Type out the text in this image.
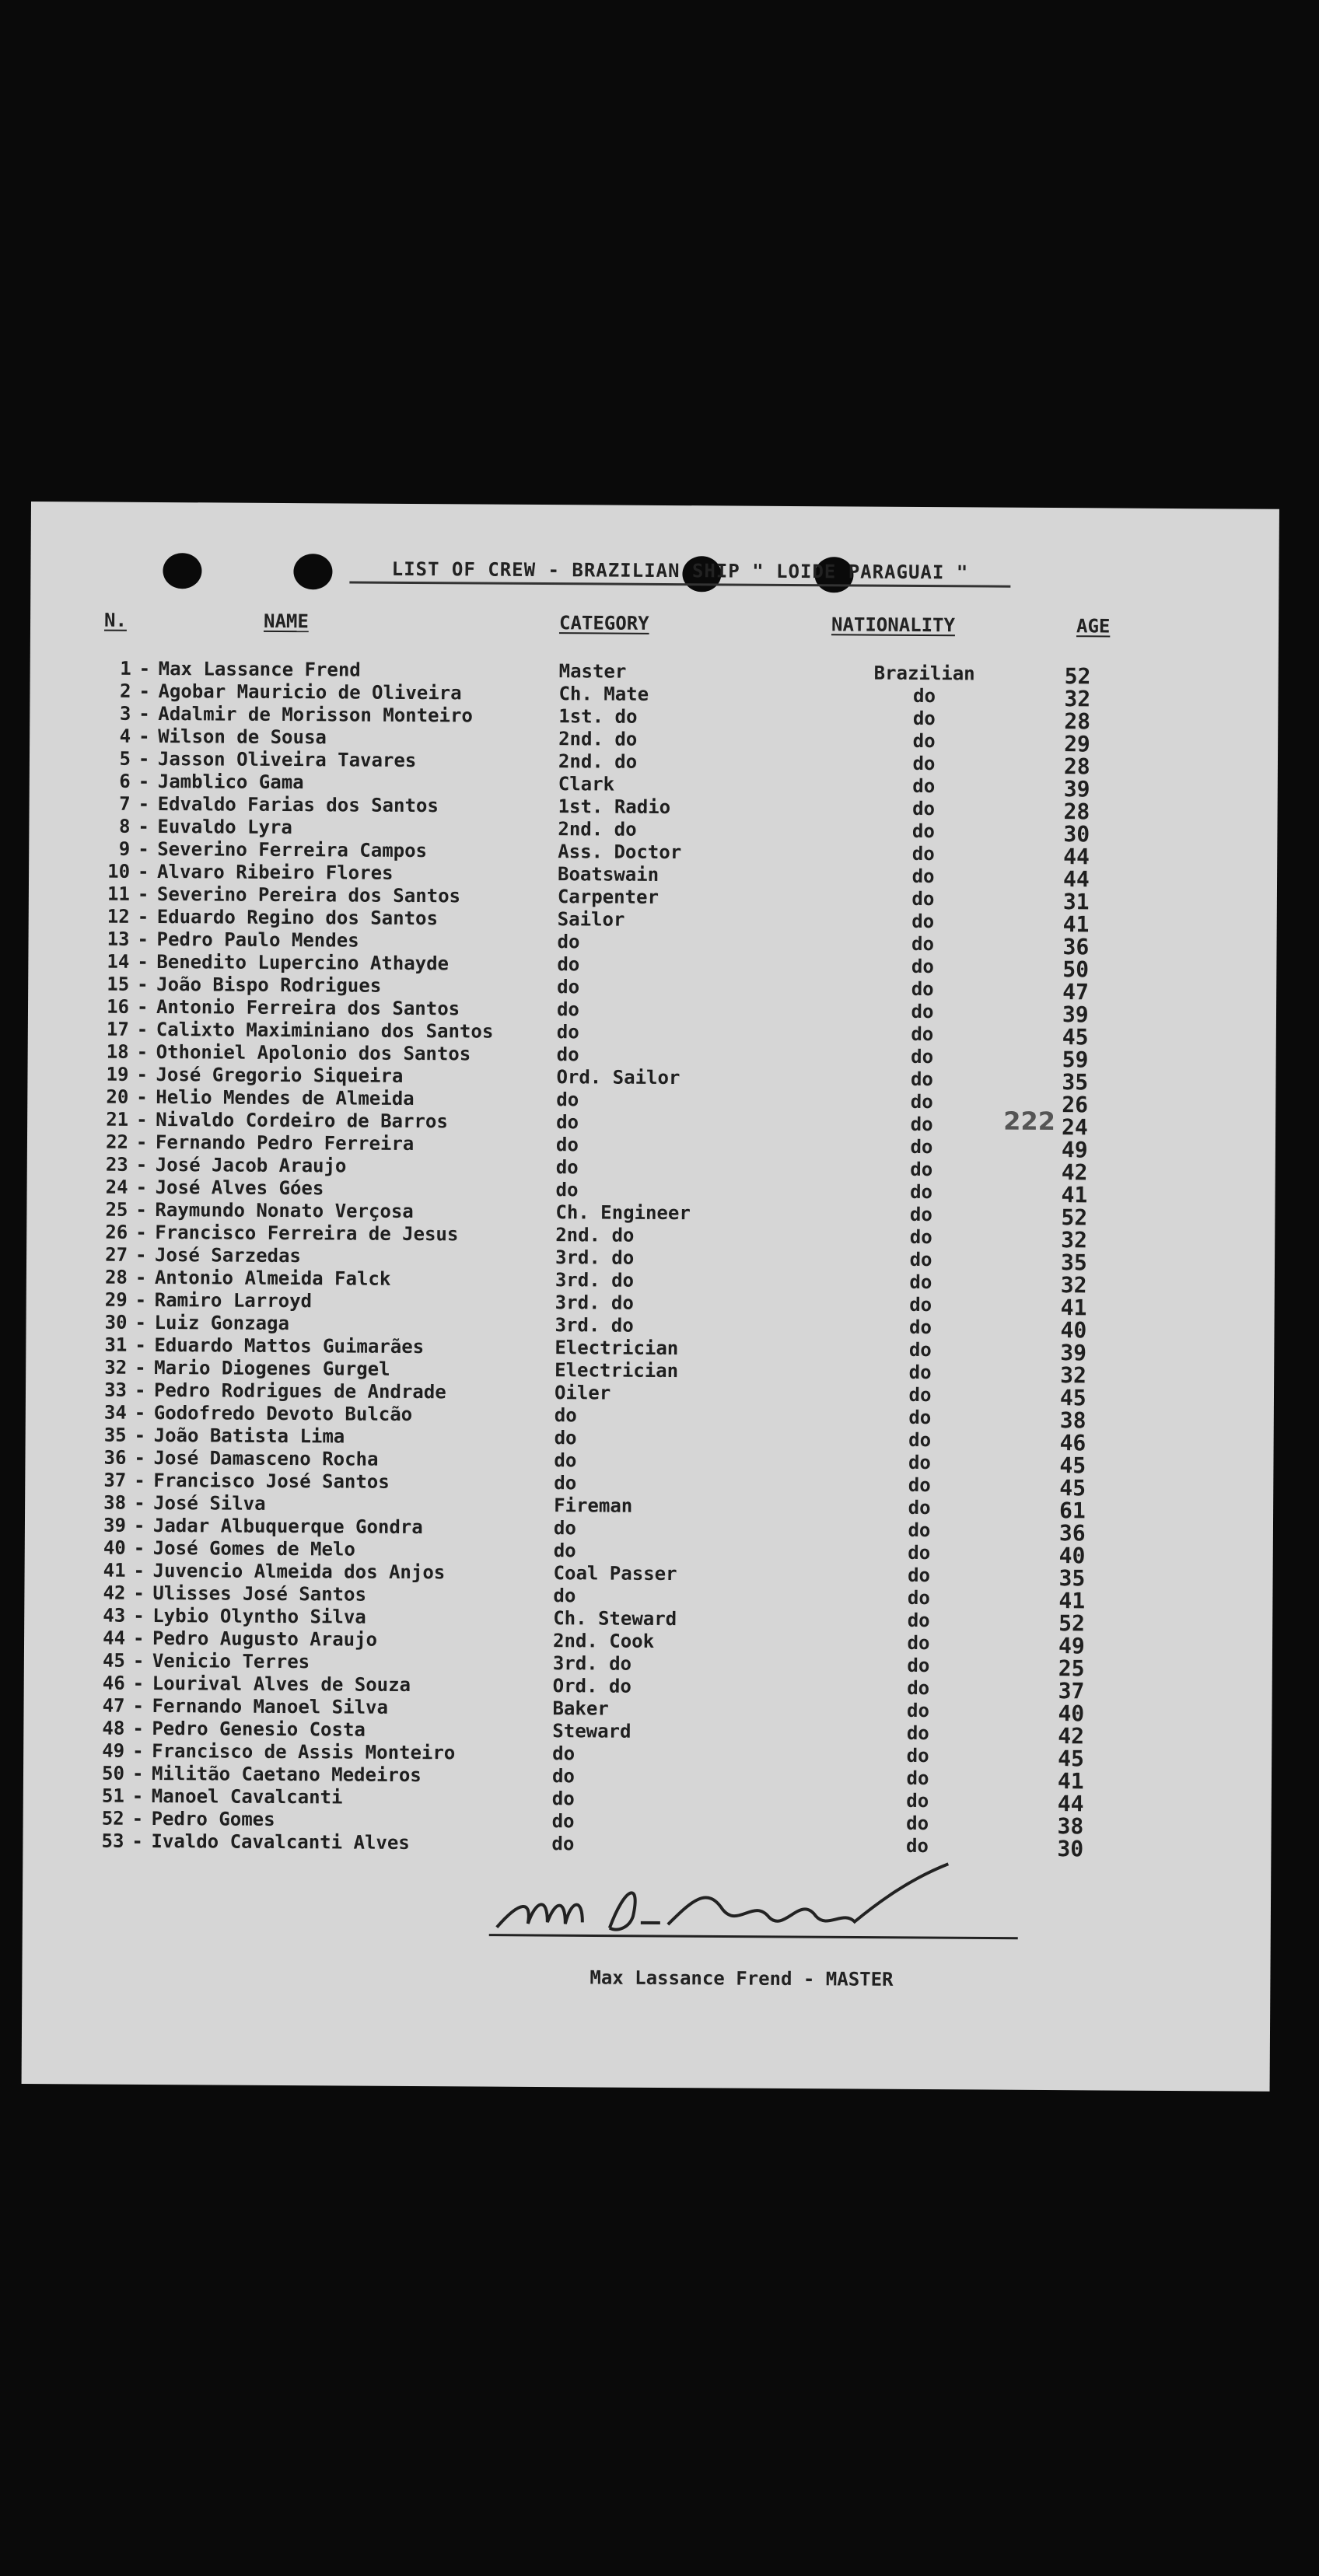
LIST OF CREW - BRAZILIAN SHIP " LOIDE PARAGUAI "
N.	NAME	CATEGORY	NATIONALITY	AGE
222
1 Max Lassance Frend	Master	Brazilian	52
-
2 Agobar Mauricio de Oliveira	Ch. Mate	do	32
-
3 Adalmir de Morisson Monteiro	1st. do	do	28
-
4 Wilson de Sousa	2nd. do	do	29
-
5 Jasson Oliveira Tavares	2nd. do	do	28
-
6 Jamblico Gama	Clark	do	39
-
7 Edvaldo Farias dos Santos	1st. Radio	do	28
-
8 Euvaldo Lyra	2nd. do	do	30
-
9 Severino Ferreira Campos	Ass. Doctor	do	44
-
10 Alvaro Ribeiro Flores	Boatswain	do	44
-
11 Severino Pereira dos Santos	Carpenter	do	31
-
12 Eduardo Regino dos Santos	Sailor	do	41
-
13 Pedro Paulo Mendes	do	do	36
-
14 Benedito Lupercino Athayde	do	do	50
-
15 João Bispo Rodrigues	do	do	47
-
16 Antonio Ferreira dos Santos	do	do	39
-
17 Calixto Maximiniano dos Santos	do	do	45
-
18 Othoniel Apolonio dos Santos	do	do	59
-
19 José Gregorio Siqueira	Ord. Sailor	do	35
-
20 Helio Mendes de Almeida	do	do	26
-
21 Nivaldo Cordeiro de Barros	do	do	24
-
22 Fernando Pedro Ferreira	do	do	49
-
23 José Jacob Araujo	do	do	42
-
24 José Alves Góes	do	do	41
-
25 Raymundo Nonato Verçosa	Ch. Engineer	do	52
-
26 Francisco Ferreira de Jesus	2nd. do	do	32
-
27 José Sarzedas	3rd. do	do	35
-
28 Antonio Almeida Falck	3rd. do	do	32
-
29 Ramiro Larroyd	3rd. do	do	41
-
30 Luiz Gonzaga	3rd. do	do	40
-
31 Eduardo Mattos Guimarães	Electrician	do	39
-
32 Mario Diogenes Gurgel	Electrician	do	32
-
33 Pedro Rodrigues de Andrade	Oiler	do	45
-
34 Godofredo Devoto Bulcão	do	do	38
-
35 João Batista Lima	do	do	46
-
36 José Damasceno Rocha	do	do	45
-
37 Francisco José Santos	do	do	45
-
38 José Silva	Fireman	do	61
-
39 Jadar Albuquerque Gondra	do	do	36
-
40 José Gomes de Melo	do	do	40
-
41 Juvencio Almeida dos Anjos	Coal Passer	do	35
-
42 Ulisses José Santos	do	do	41
-
43 Lybio Olyntho Silva	Ch. Steward	do	52
-
44 Pedro Augusto Araujo	2nd. Cook	do	49
-
45 Venicio Terres	3rd. do	do	25
-
46 Lourival Alves de Souza	Ord. do	do	37
-
47 Fernando Manoel Silva	Baker	do	40
-
48 Pedro Genesio Costa	Steward	do	42
-
49 Francisco de Assis Monteiro	do	do	45
-
50 Militão Caetano Medeiros	do	do	41
-
51 Manoel Cavalcanti	do	do	44
-
52 Pedro Gomes	do	do	38
-
53 Ivaldo Cavalcanti Alves	do	do	30
-
Max Lassance Frend - MASTER
